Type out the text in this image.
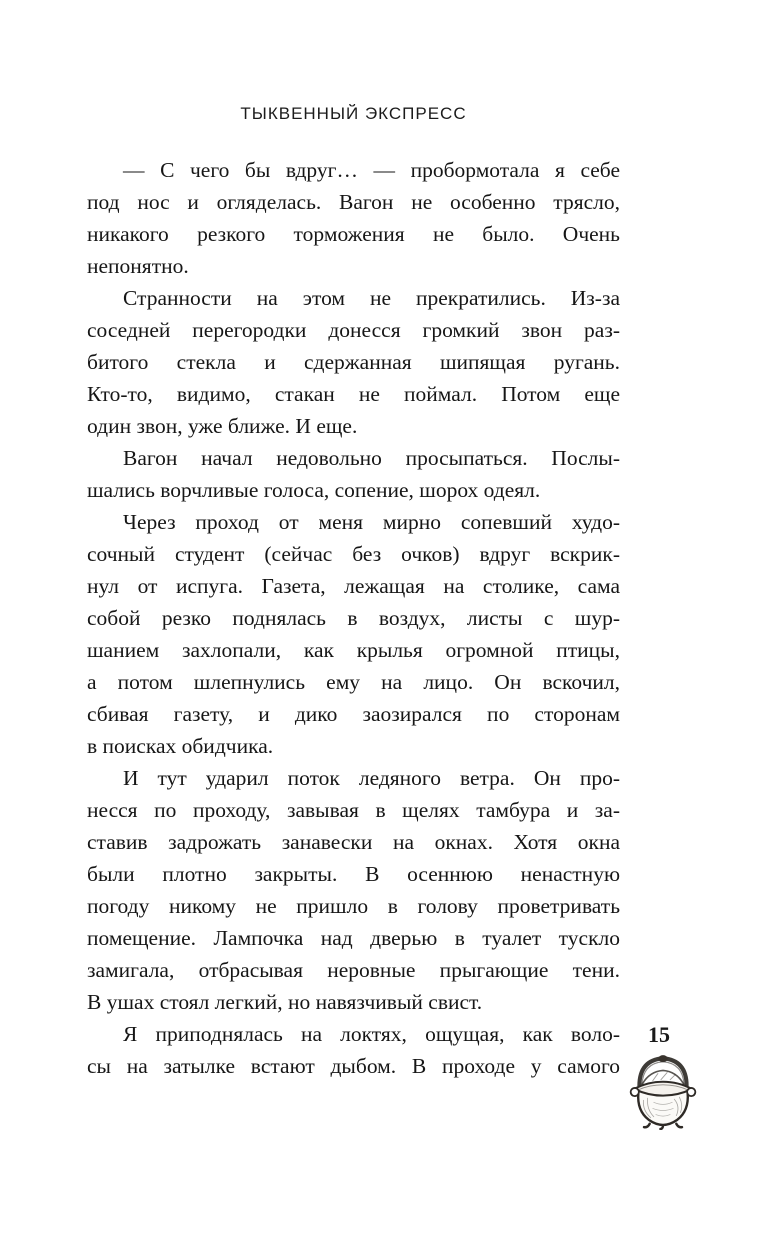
ТЫКВЕННЫЙ ЭКСПРЕСС
— С чего бы вдруг… — пробормотала я себе
под нос и огляделась. Вагон не особенно трясло,
никакого резкого торможения не было. Очень
непонятно.
Странности на этом не прекратились. Из-за
соседней перегородки донесся громкий звон раз-
битого стекла и сдержанная шипящая ругань.
Кто-то, видимо, стакан не поймал. Потом еще
один звон, уже ближе. И еще.
Вагон начал недовольно просыпаться. Послы-
шались ворчливые голоса, сопение, шорох одеял.
Через проход от меня мирно сопевший худо-
сочный студент (сейчас без очков) вдруг вскрик-
нул от испуга. Газета, лежащая на столике, сама
собой резко поднялась в воздух, листы с шур-
шанием захлопали, как крылья огромной птицы,
а потом шлепнулись ему на лицо. Он вскочил,
сбивая газету, и дико заозирался по сторонам
в поисках обидчика.
И тут ударил поток ледяного ветра. Он про-
несся по проходу, завывая в щелях тамбура и за-
ставив задрожать занавески на окнах. Хотя окна
были плотно закрыты. В осеннюю ненастную
погоду никому не пришло в голову проветривать
помещение. Лампочка над дверью в туалет тускло
замигала, отбрасывая неровные прыгающие тени.
В ушах стоял легкий, но навязчивый свист.
Я приподнялась на локтях, ощущая, как воло-
сы на затылке встают дыбом. В проходе у самого
15
